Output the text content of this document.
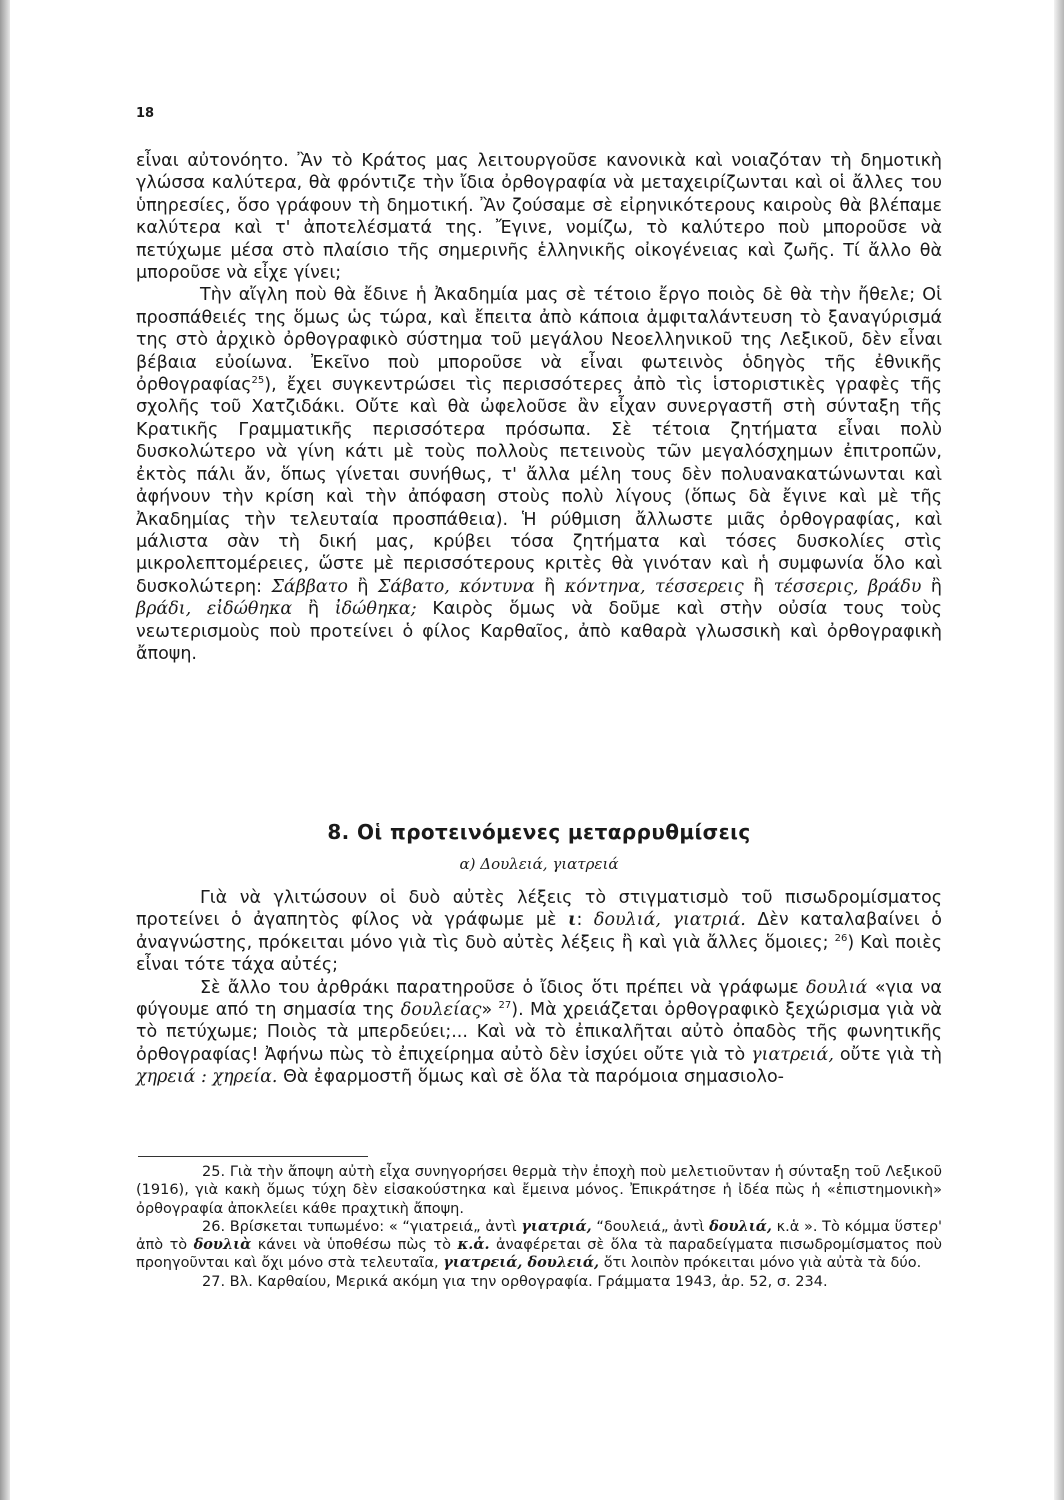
18

εἶναι αὐτονόητο. Ἂν τὸ Κράτος μας λειτουργοῦσε κανονικὰ καὶ νοιαζόταν τὴ δημοτικὴ γλώσσα καλύτερα, θὰ φρόντιζε τὴν ἴδια ὀρθογραφία νὰ μεταχειρίζωνται καὶ οἱ ἄλλες του ὑπηρεσίες, ὅσο γράφουν τὴ δημοτική. Ἂν ζούσαμε σὲ εἰρηνικότερους καιροὺς θὰ βλέπαμε καλύτερα καὶ τ' ἀποτελέσματά της. Ἔγινε, νομίζω, τὸ καλύτερο ποὺ μποροῦσε νὰ πετύχωμε μέσα στὸ πλαίσιο τῆς σημερινῆς ἑλληνικῆς οἰκογένειας καὶ ζωῆς. Τί ἄλλο θὰ μποροῦσε νὰ εἶχε γίνει;

Τὴν αἴγλη ποὺ θὰ ἔδινε ἡ Ἀκαδημία μας σὲ τέτοιο ἔργο ποιὸς δὲ θὰ τὴν ἤθελε; Οἱ προσπάθειές της ὅμως ὡς τώρα, καὶ ἔπειτα ἀπὸ κάποια ἀμφιταλάντευση τὸ ξαναγύρισμά της στὸ ἀρχικὸ ὀρθογραφικὸ σύστημα τοῦ μεγάλου Νεοελληνικοῦ της Λεξικοῦ, δὲν εἶναι βέβαια εὐοίωνα. Ἐκεῖνο ποὺ μποροῦσε νὰ εἶναι φωτεινὸς ὁδηγὸς τῆς ἐθνικῆς ὀρθογραφίας$^{25}$), ἔχει συγκεντρώσει τὶς περισσότερες ἀπὸ τὶς ἱστοριστικὲς γραφὲς τῆς σχολῆς τοῦ Χατζιδάκι. Οὔτε καὶ θὰ ὠφελοῦσε ἂν εἶχαν συνεργαστῆ στὴ σύνταξη τῆς Κρατικῆς Γραμματικῆς περισσότερα πρόσωπα. Σὲ τέτοια ζητήματα εἶναι πολὺ δυσκολώτερο νὰ γίνη κάτι μὲ τοὺς πολλοὺς πετεινοὺς τῶν μεγαλόσχημων ἐπιτροπῶν, ἐκτὸς πάλι ἄν, ὅπως γίνεται συνήθως, τ' ἄλλα μέλη τους δὲν πολυανακατώνωνται καὶ ἀφήνουν τὴν κρίση καὶ τὴν ἀπόφαση στοὺς πολὺ λίγους (ὅπως δὰ ἔγινε καὶ μὲ τῆς Ἀκαδημίας τὴν τελευταία προσπάθεια). Ἡ ρύθμιση ἄλλωστε μιᾶς ὀρθογραφίας, καὶ μάλιστα σὰν τὴ δική μας, κρύβει τόσα ζητήματα καὶ τόσες δυσκολίες στὶς μικρολεπτομέρειες, ὥστε μὲ περισσότερους κριτὲς θὰ γινόταν καὶ ἡ συμφωνία ὅλο καὶ δυσκολώτερη: Σάββατο ἢ Σάβατο, κόντυνα ἢ κόντηνα, τέσσερεις ἢ τέσσερις, βράδυ ἢ βράδι, εἰδώθηκα ἢ ἰδώθηκα; Καιρὸς ὅμως νὰ δοῦμε καὶ στὴν οὐσία τους τοὺς νεωτερισμοὺς ποὺ προτείνει ὁ φίλος Καρθαῖος, ἀπὸ καθαρὰ γλωσσικὴ καὶ ὀρθογραφικὴ ἄποψη.

8. Οἱ προτεινόμενες μεταρρυθμίσεις
α) Δουλειά, γιατρειά

Γιὰ νὰ γλιτώσουν οἱ δυὸ αὐτὲς λέξεις τὸ στιγματισμὸ τοῦ πισωδρομίσματος προτείνει ὁ ἀγαπητὸς φίλος νὰ γράφωμε μὲ ι: δουλιά, γιατριά. Δὲν καταλαβαίνει ὁ ἀναγνώστης, πρόκειται μόνο γιὰ τὶς δυὸ αὐτὲς λέξεις ἢ καὶ γιὰ ἄλλες ὅμοιες; $^{26}$) Καὶ ποιὲς εἶναι τότε τάχα αὐτές;

Σὲ ἄλλο του ἀρθράκι παρατηροῦσε ὁ ἴδιος ὅτι πρέπει νὰ γράφωμε δουλιά «για να φύγουμε από τη σημασία της δουλείας» $^{27}$). Μὰ χρειάζεται ὀρθογραφικὸ ξεχώρισμα γιὰ νὰ τὸ πετύχωμε; Ποιὸς τὰ μπερδεύει;... Καὶ νὰ τὸ ἐπικαλῆται αὐτὸ ὀπαδὸς τῆς φωνητικῆς ὀρθογραφίας! Ἀφήνω πὼς τὸ ἐπιχείρημα αὐτὸ δὲν ἰσχύει οὔτε γιὰ τὸ γιατρειά, οὔτε γιὰ τὴ χηρειά : χηρεία. Θὰ ἐφαρμοστῆ ὅμως καὶ σὲ ὅλα τὰ παρόμοια σημασιολο-

25. Γιὰ τὴν ἄποψη αὐτὴ εἶχα συνηγορήσει θερμὰ τὴν ἐποχὴ ποὺ μελετιοῦνταν ἡ σύνταξη τοῦ Λεξικοῦ (1916), γιὰ κακὴ ὅμως τύχη δὲν εἰσακούστηκα καὶ ἔμεινα μόνος. Ἐπικράτησε ἡ ἰδέα πὼς ἡ «ἐπιστημονικὴ» ὀρθογραφία ἀποκλείει κάθε πραχτικὴ ἄποψη.

26. Βρίσκεται τυπωμένο: « “γιατρειά„ ἀντὶ γιατριά, “δουλειά„ ἀντὶ δουλιά, κ.ἁ ». Τὸ κόμμα ὕστερ' ἀπὸ τὸ δουλιὰ κάνει νὰ ὑποθέσω πὼς τὸ κ.ἁ. ἀναφέρεται σὲ ὅλα τὰ παραδείγματα πισωδρομίσματος ποὺ προηγοῦνται καὶ ὄχι μόνο στὰ τελευταῖα, γιατρειά, δουλειά, ὅτι λοιπὸν πρόκειται μόνο γιὰ αὐτὰ τὰ δύο.

27. Βλ. Καρθαίου, Μερικά ακόμη για την ορθογραφία. Γράμματα 1943, ἀρ. 52, σ. 234.
